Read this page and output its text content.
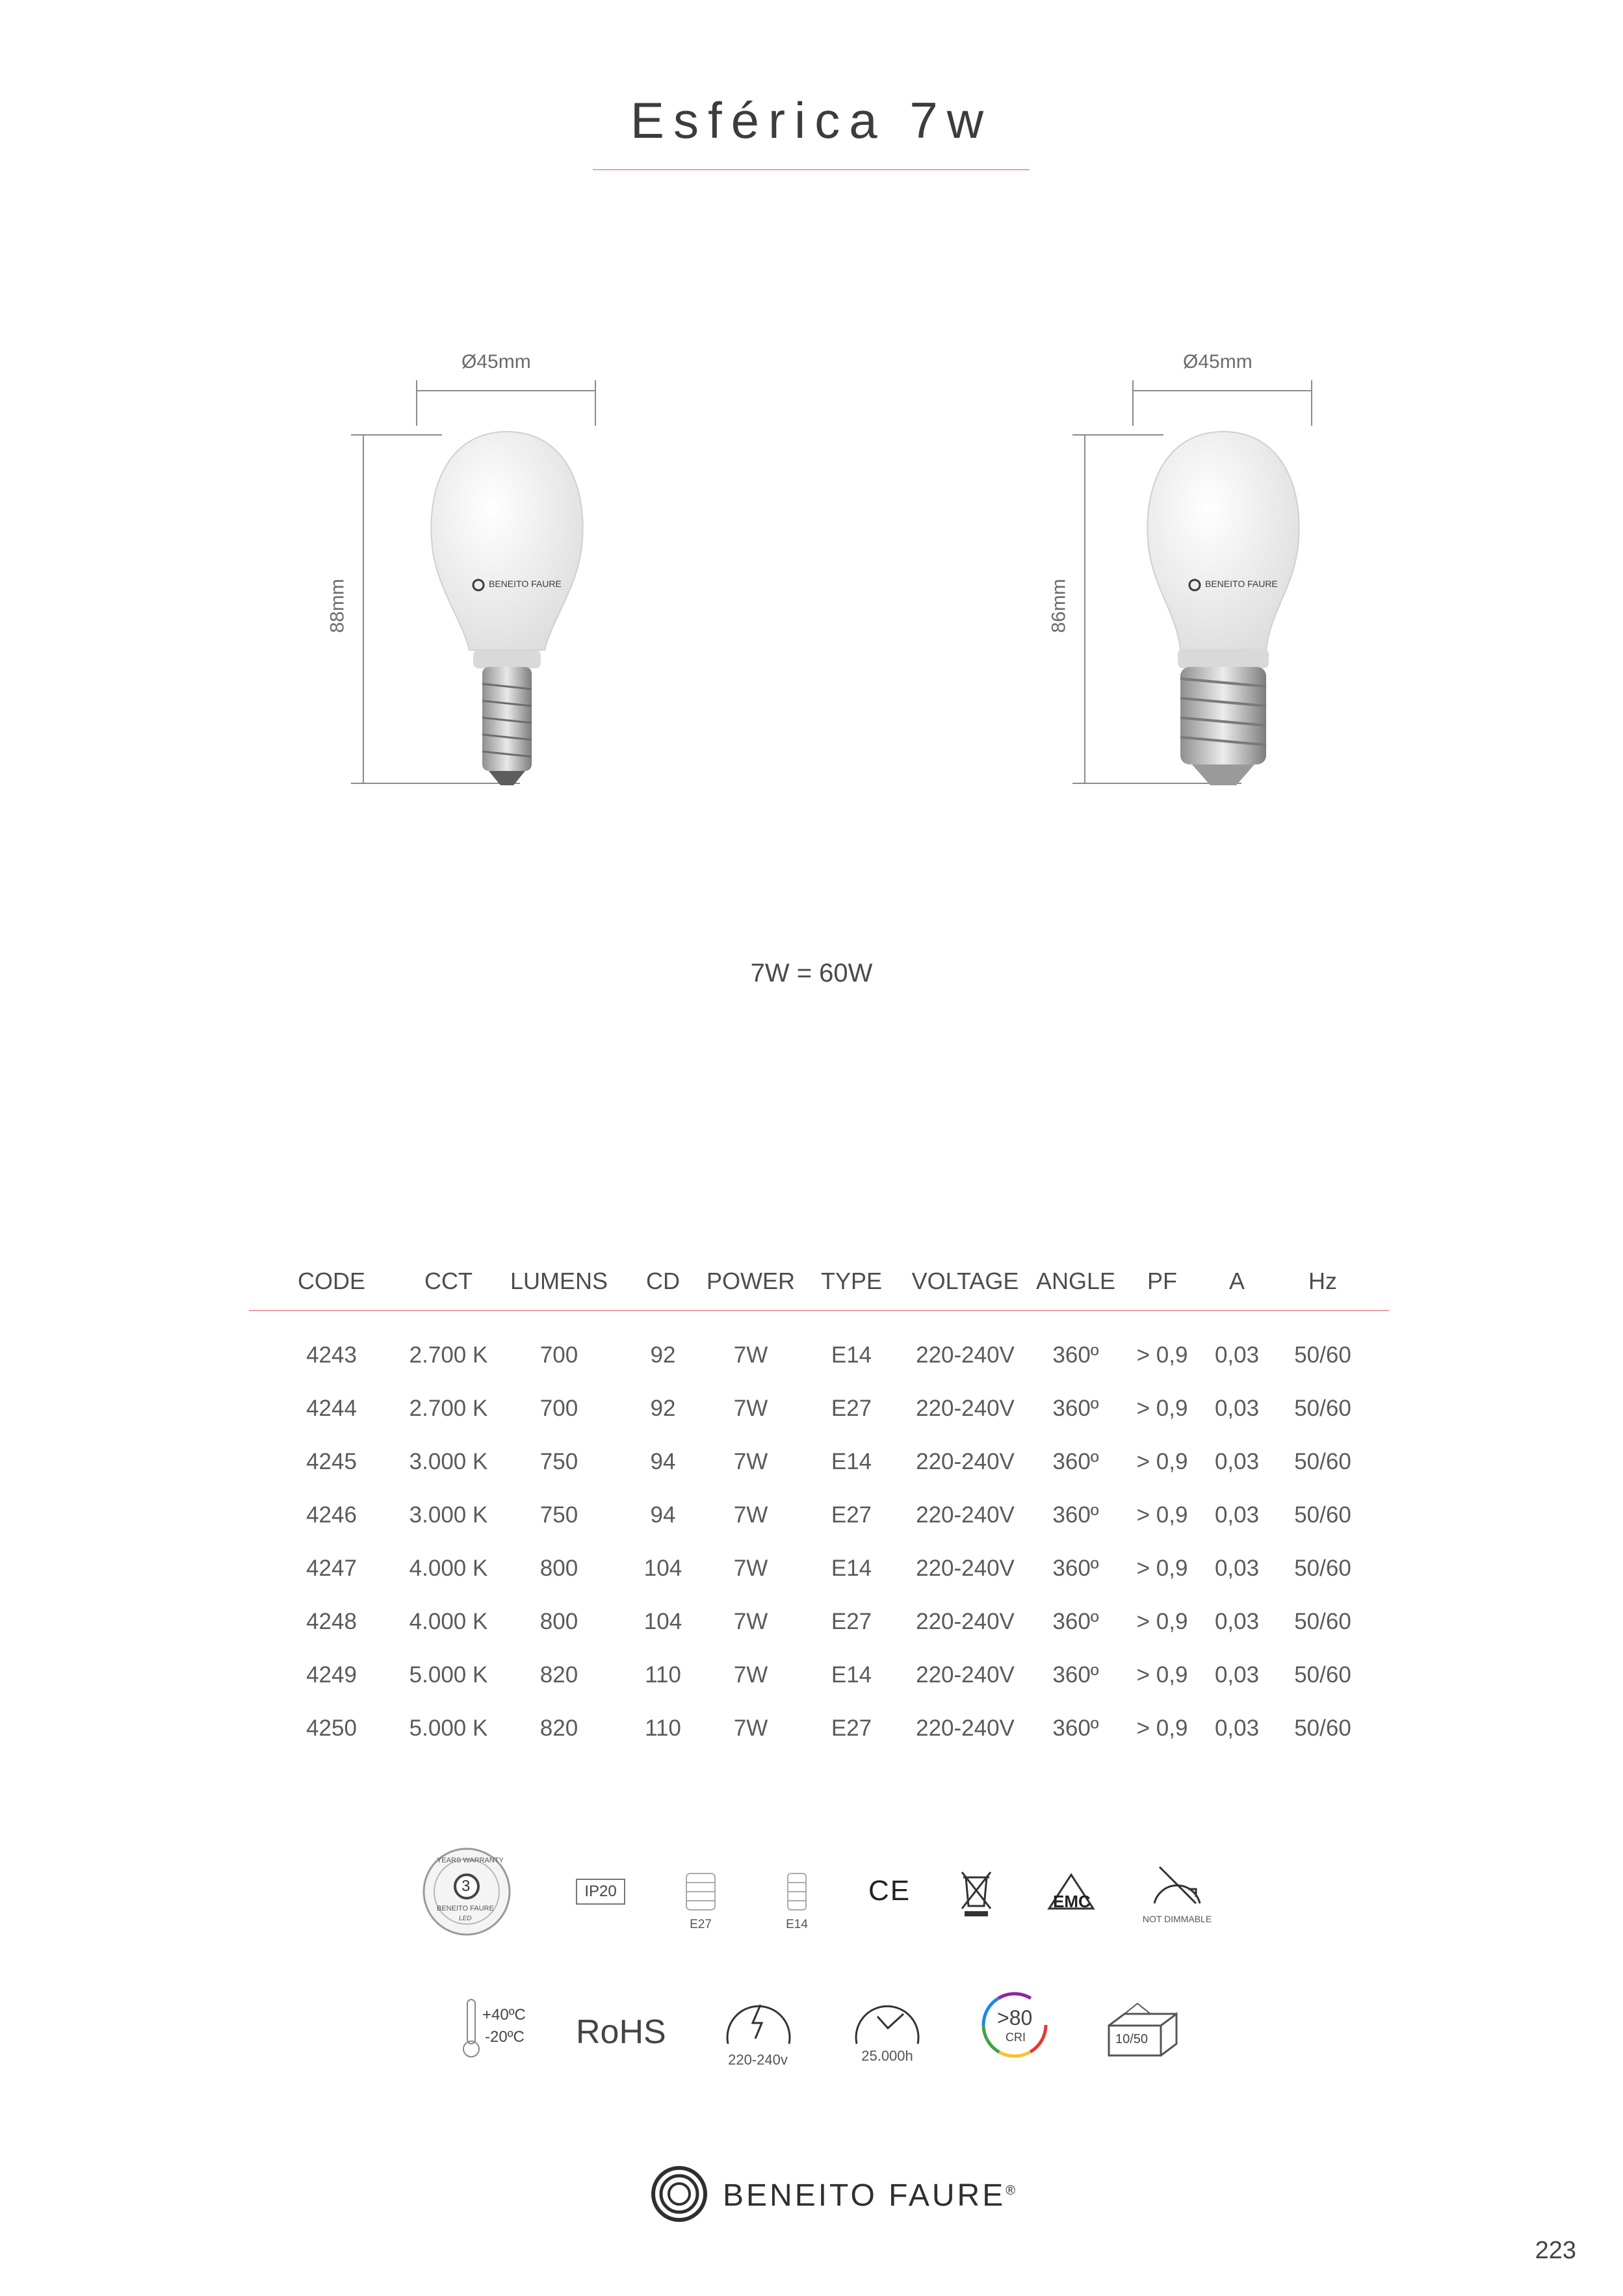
Esférica 7w
Ø45mm
88mm	BENEITO FAURE
Ø45mm
86mm	BENEITO FAURE
7W = 60W
CODE	CCT LUMENS CD POWER TYPE VOLTAGE ANGLE PF A	Hz
4243 2.700 K 700	92	7W	E14 220-240V 360º > 0,9 0,03 50/60
4244 2.700 K 700	92	7W	E27 220-240V 360º > 0,9 0,03 50/60
4245 3.000 K 750	94	7W	E14 220-240V 360º > 0,9 0,03 50/60
4246 3.000 K 750	94	7W	E27 220-240V 360º > 0,9 0,03 50/60
4247 4.000 K 800	104 7W	E14 220-240V 360º > 0,9 0,03 50/60
4248 4.000 K 800	104 7W	E27 220-240V 360º > 0,9 0,03 50/60
4249 5.000 K 820	110 7W	E14 220-240V 360º > 0,9 0,03 50/60
4250 5.000 K 820	110 7W	E27 220-240V 360º > 0,9 0,03 50/60
3
YEARS WARRANTY
BENEITO FAURE
LED
IP20
E27	E14
CE	EMC
NOT DIMMABLE
+40ºC
-20ºC RoHS
220-240v	25.000h
>80
CRI	10/50
BENEITO FAURE®
223
